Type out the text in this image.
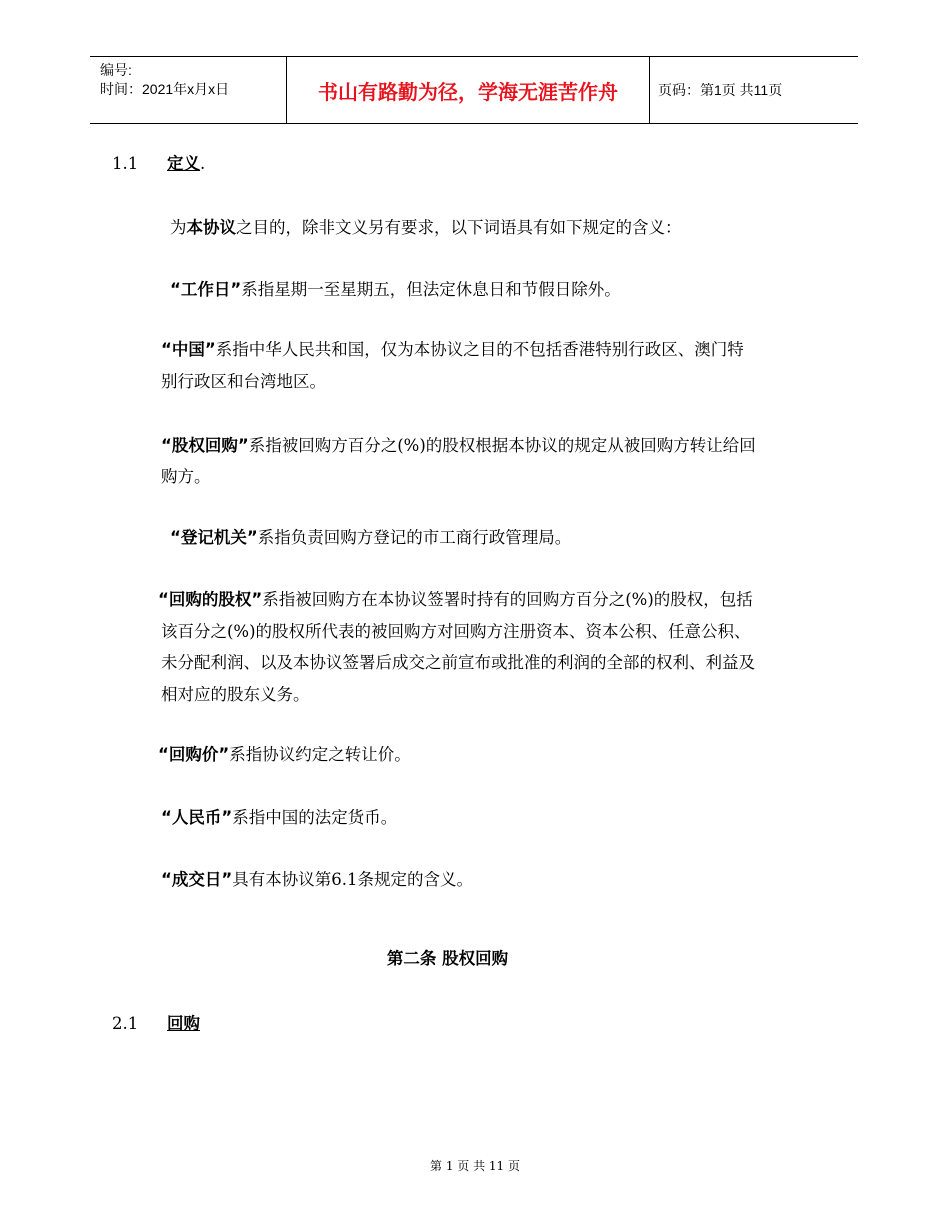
编号:
时间：2021年x月x日	书山有路勤为径，学海无涯苦作舟	页码：第1页 共11页
1.1 定义.
为本协议之目的，除非文义另有要求，以下词语具有如下规定的含义：
“工作日”系指星期一至星期五，但法定休息日和节假日除外。
“中国”系指中华人民共和国，仅为本协议之目的不包括香港特别行政区、澳门特
别行政区和台湾地区。
“股权回购”系指被回购方百分之(%)的股权根据本协议的规定从被回购方转让给回
购方。
“登记机关”系指负责回购方登记的市工商行政管理局。
“回购的股权”系指被回购方在本协议签署时持有的回购方百分之(%)的股权，包括
该百分之(%)的股权所代表的被回购方对回购方注册资本、资本公积、任意公积、
未分配利润、以及本协议签署后成交之前宣布或批准的利润的全部的权利、利益及
相对应的股东义务。
“回购价”系指协议约定之转让价。
“人民币”系指中国的法定货币。
“成交日”具有本协议第6.1条规定的含义。
第二条 股权回购
2.1 回购
第 1 页 共 11 页
